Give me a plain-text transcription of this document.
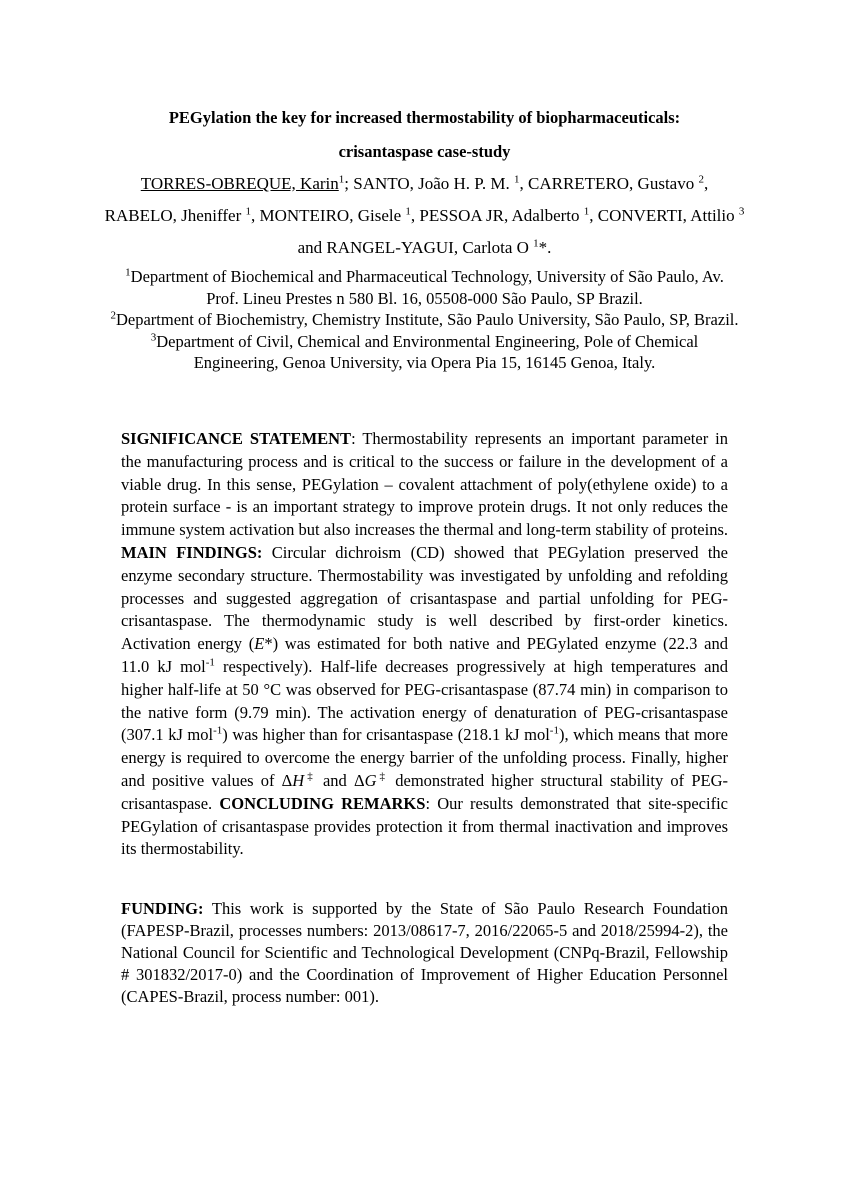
PEGylation the key for increased thermostability of biopharmaceuticals:
crisantaspase case-study
TORRES-OBREQUE, Karin$^1$; SANTO, João H. P. M. $^1$, CARRETERO, Gustavo $^2$,
RABELO, Jheniffer $^1$, MONTEIRO, Gisele $^1$, PESSOA JR, Adalberto $^1$, CONVERTI, Attilio $^3$ and RANGEL-YAGUI, Carlota O $^1$*.

$^1$Department of Biochemical and Pharmaceutical Technology, University of São Paulo, Av. Prof. Lineu Prestes n 580 Bl. 16, 05508-000 São Paulo, SP Brazil.

$^2$Department of Biochemistry, Chemistry Institute, São Paulo University, São Paulo, SP, Brazil.

$^3$Department of Civil, Chemical and Environmental Engineering, Pole of Chemical Engineering, Genoa University, via Opera Pia 15, 16145 Genoa, Italy.

SIGNIFICANCE STATEMENT: Thermostability represents an important parameter in the manufacturing process and is critical to the success or failure in the development of a viable drug. In this sense, PEGylation – covalent attachment of poly(ethylene oxide) to a protein surface - is an important strategy to improve protein drugs. It not only reduces the immune system activation but also increases the thermal and long-term stability of proteins. MAIN FINDINGS: Circular dichroism (CD) showed that PEGylation preserved the enzyme secondary structure. Thermostability was investigated by unfolding and refolding processes and suggested aggregation of crisantaspase and partial unfolding for PEG-crisantaspase. The thermodynamic study is well described by first-order kinetics. Activation energy (E*) was estimated for both native and PEGylated enzyme (22.3 and 11.0 kJ mol$^{-1}$ respectively). Half-life decreases progressively at high temperatures and higher half-life at 50 °C was observed for PEG-crisantaspase (87.74 min) in comparison to the native form (9.79 min). The activation energy of denaturation of PEG-crisantaspase (307.1 kJ mol$^{-1}$) was higher than for crisantaspase (218.1 kJ mol$^{-1}$), which means that more energy is required to overcome the energy barrier of the unfolding process. Finally, higher and positive values of ΔH‡ and ΔG‡ demonstrated higher structural stability of PEG-crisantaspase. CONCLUDING REMARKS: Our results demonstrated that site-specific PEGylation of crisantaspase provides protection it from thermal inactivation and improves its thermostability.

FUNDING: This work is supported by the State of São Paulo Research Foundation (FAPESP-Brazil, processes numbers: 2013/08617-7, 2016/22065-5 and 2018/25994-2), the National Council for Scientific and Technological Development (CNPq-Brazil, Fellowship # 301832/2017-0) and the Coordination of Improvement of Higher Education Personnel (CAPES-Brazil, process number: 001).
